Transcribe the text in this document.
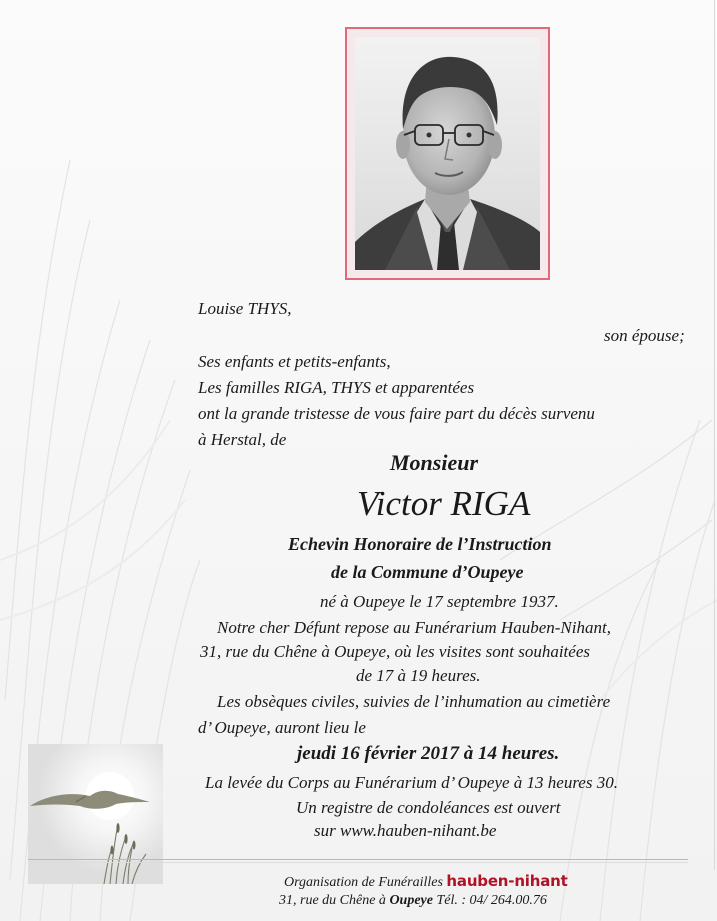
Louise THYS,
son épouse;
Ses enfants et petits-enfants,
Les familles RIGA, THYS et apparentées
ont la grande tristesse de vous faire part du décès survenu
à Herstal, de
Monsieur
Victor RIGA
Echevin Honoraire de l’Instruction
de la Commune d’Oupeye
né à Oupeye le 17 septembre 1937.
Notre cher Défunt repose au Funérarium Hauben-Nihant,
31, rue du Chêne à Oupeye, où les visites sont souhaitées
de 17 à 19 heures.
Les obsèques civiles, suivies de l’inhumation au cimetière
d’ Oupeye, auront lieu le
jeudi 16 février 2017 à 14 heures.
La levée du Corps au Funérarium d’ Oupeye à 13 heures 30.
Un registre de condoléances est ouvert
sur www.hauben-nihant.be
Organisation de Funérailles hauben-nihant
31, rue du Chêne à Oupeye Tél. : 04/ 264.00.76
